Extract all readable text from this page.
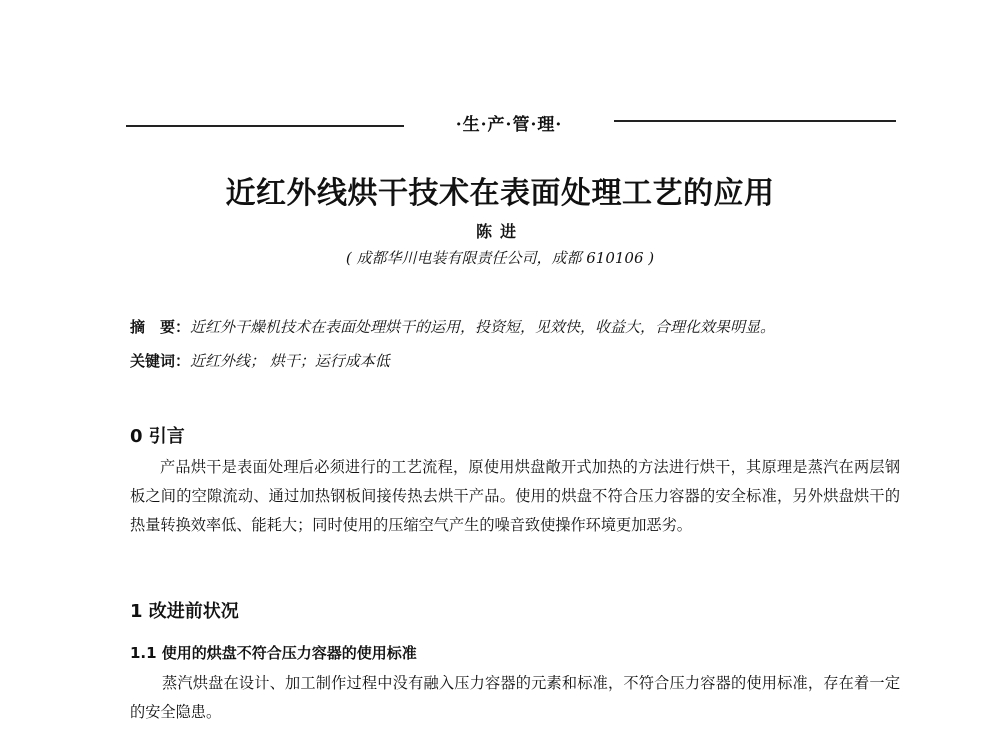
·生·产·管·理·
近红外线烘干技术在表面处理工艺的应用
陈进
( 成都华川电装有限责任公司，成都 610106 )
摘　要：近红外干燥机技术在表面处理烘干的运用，投资短，见效快，收益大，合理化效果明显。
关键词：近红外线； 烘干；运行成本低
0 引言
产品烘干是表面处理后必须进行的工艺流程，原使用烘盘敞开式加热的方法进行烘干，其原理是蒸汽在两层钢板之间的空隙流动、通过加热钢板间接传热去烘干产品。使用的烘盘不符合压力容器的安全标准，另外烘盘烘干的热量转换效率低、能耗大；同时使用的压缩空气产生的噪音致使操作环境更加恶劣。
1 改进前状况
1.1 使用的烘盘不符合压力容器的使用标准
蒸汽烘盘在设计、加工制作过程中没有融入压力容器的元素和标准，不符合压力容器的使用标准，存在着一定的安全隐患。
